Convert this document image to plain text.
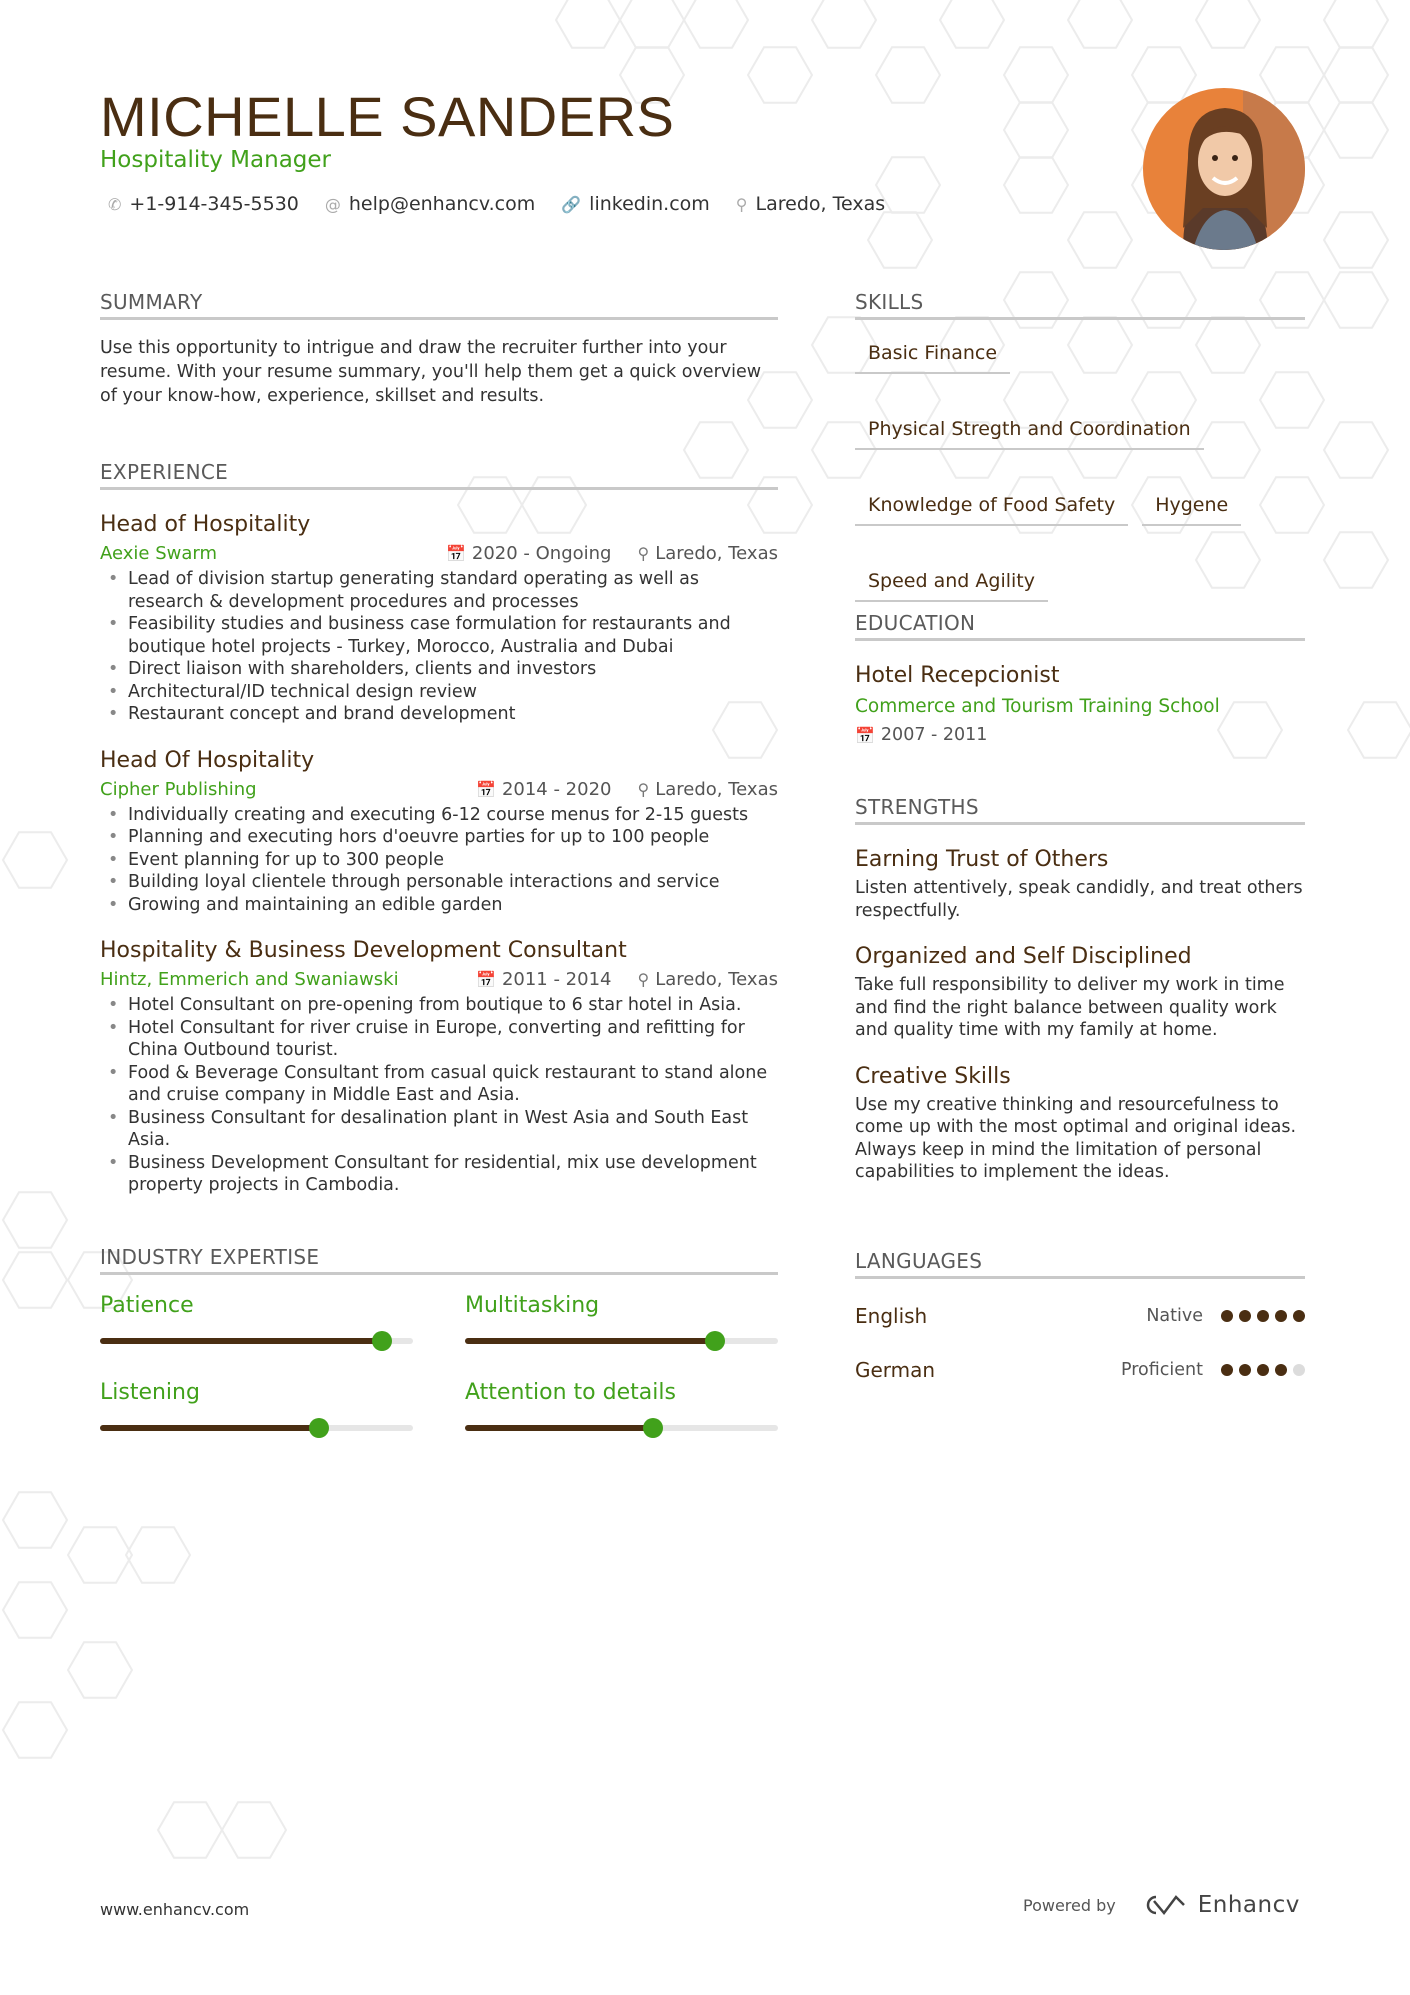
MICHELLE SANDERS
Hospitality Manager
✆ +1-914-345-5530 @ help@enhancv.com 🔗 linkedin.com ⚲ Laredo, Texas
SUMMARY
Use this opportunity to intrigue and draw the recruiter further into your resume. With your resume summary, you'll help them get a quick overview of your know-how, experience, skillset and results.
EXPERIENCE
Head of Hospitality
Aexie Swarm	📅 2020 - Ongoing ⚲ Laredo, Texas
• Lead of division startup generating standard operating as well as research & development procedures and processes
• Feasibility studies and business case formulation for restaurants and boutique hotel projects - Turkey, Morocco, Australia and Dubai
• Direct liaison with shareholders, clients and investors
• Architectural/ID technical design review
• Restaurant concept and brand development
Head Of Hospitality
Cipher Publishing	📅 2014 - 2020 ⚲ Laredo, Texas
• Individually creating and executing 6-12 course menus for 2-15 guests
• Planning and executing hors d'oeuvre parties for up to 100 people
• Event planning for up to 300 people
• Building loyal clientele through personable interactions and service
• Growing and maintaining an edible garden
Hospitality & Business Development Consultant
Hintz, Emmerich and Swaniawski	📅 2011 - 2014 ⚲ Laredo, Texas
• Hotel Consultant on pre-opening from boutique to 6 star hotel in Asia.
• Hotel Consultant for river cruise in Europe, converting and refitting for China Outbound tourist.
• Food & Beverage Consultant from casual quick restaurant to stand alone and cruise company in Middle East and Asia.
• Business Consultant for desalination plant in West Asia and South East Asia.
• Business Development Consultant for residential, mix use development property projects in Cambodia.
INDUSTRY EXPERTISE
Patience	Multitasking
Listening	Attention to details
SKILLS
Basic Finance
Physical Stregth and Coordination
Knowledge of Food Safety	Hygene
Speed and Agility
EDUCATION
Hotel Recepcionist
Commerce and Tourism Training School
📅 2007 - 2011
STRENGTHS
Earning Trust of Others
Listen attentively, speak candidly, and treat others respectfully.
Organized and Self Disciplined
Take full responsibility to deliver my work in time and find the right balance between quality work and quality time with my family at home.
Creative Skills
Use my creative thinking and resourcefulness to come up with the most optimal and original ideas. Always keep in mind the limitation of personal capabilities to implement the ideas.
LANGUAGES
English	Native
German	Proficient
www.enhancv.com	Powered by	Enhancv
